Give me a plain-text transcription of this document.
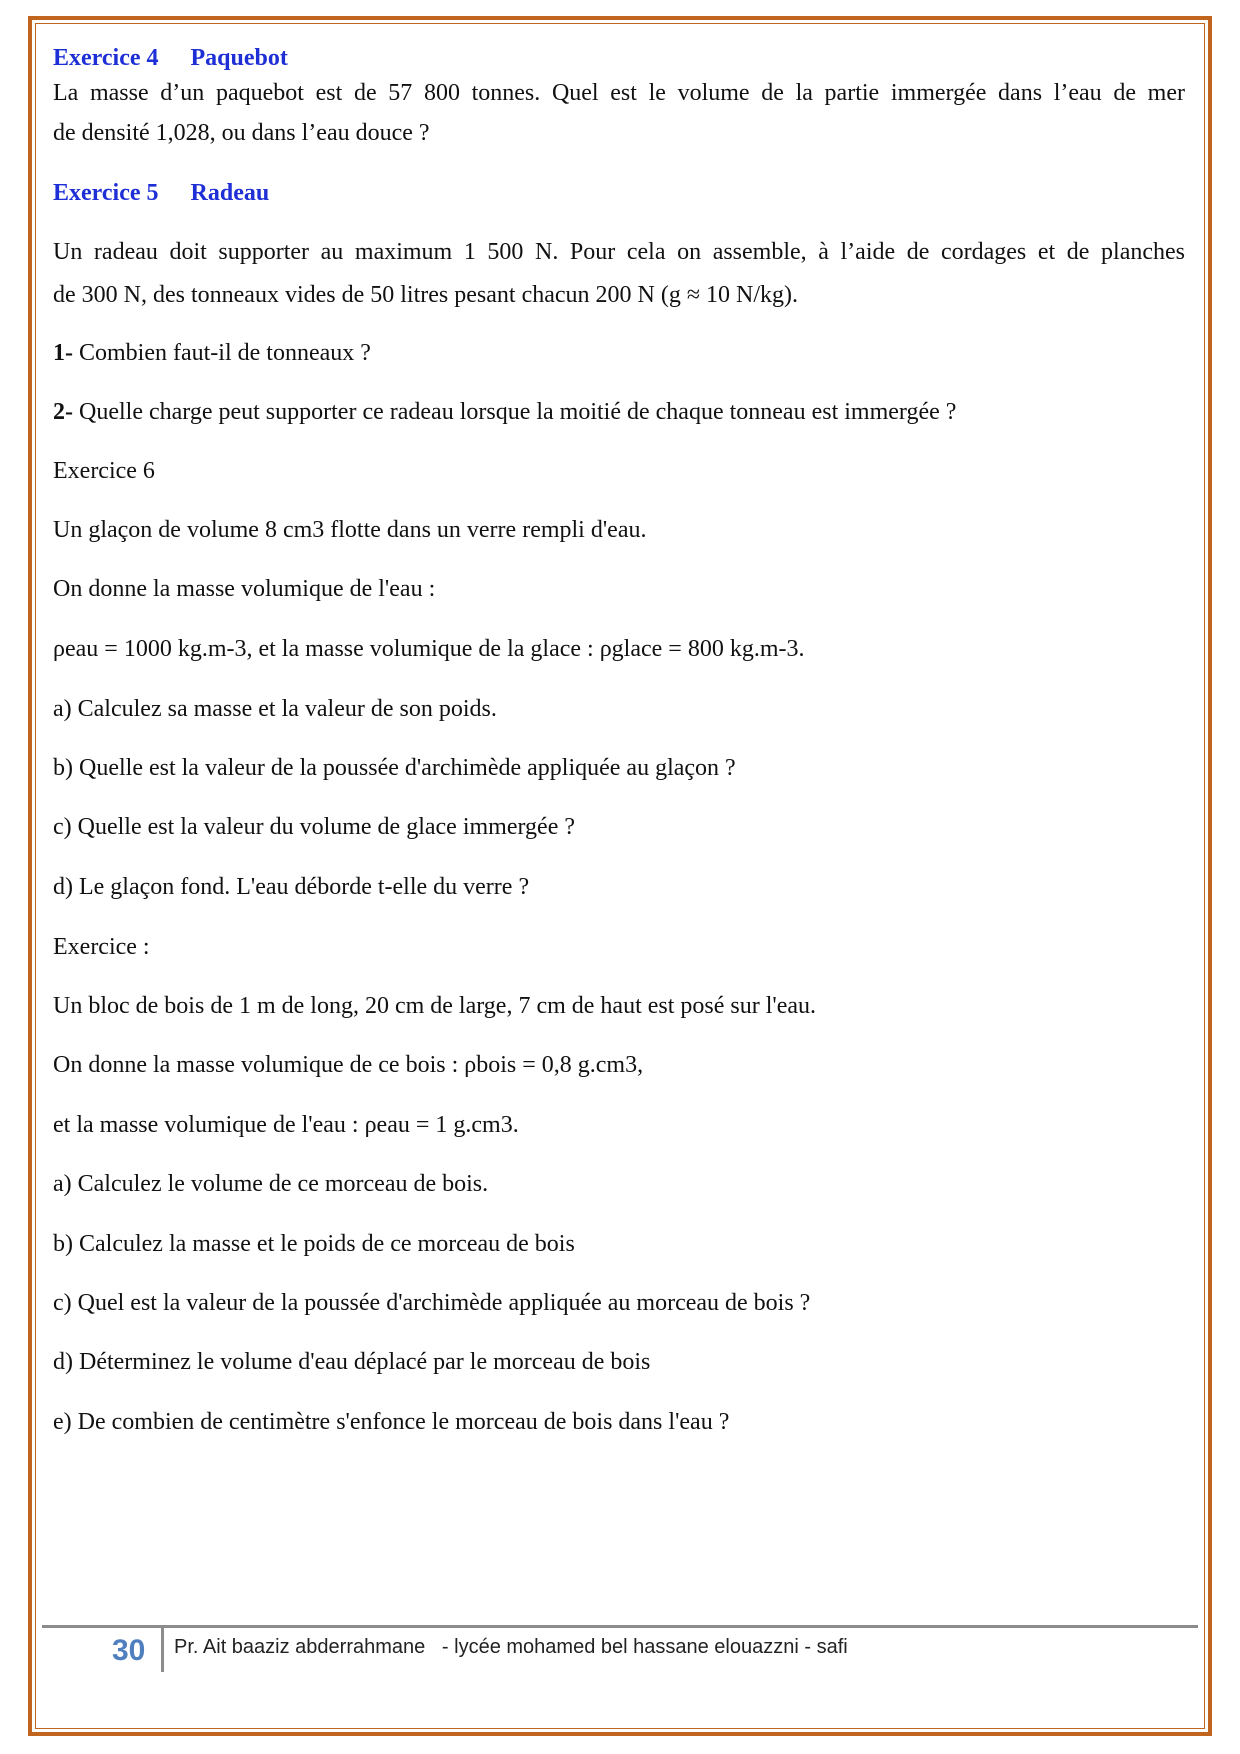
Exercice 4 Paquebot
La masse d’un paquebot est de 57 800 tonnes. Quel est le volume de la partie immergée dans l’eau de mer
de densité 1,028, ou dans l’eau douce ?
Exercice 5 Radeau
Un radeau doit supporter au maximum 1 500 N. Pour cela on assemble, à l’aide de cordages et de planches
de 300 N, des tonneaux vides de 50 litres pesant chacun 200 N (g ≈ 10 N/kg).
1- Combien faut-il de tonneaux ?
2- Quelle charge peut supporter ce radeau lorsque la moitié de chaque tonneau est immergée ?
Exercice 6
Un glaçon de volume 8 cm3 flotte dans un verre rempli d'eau.
On donne la masse volumique de l'eau :
ρeau = 1000 kg.m-3, et la masse volumique de la glace : ρglace = 800 kg.m-3.
a) Calculez sa masse et la valeur de son poids.
b) Quelle est la valeur de la poussée d'archimède appliquée au glaçon ?
c) Quelle est la valeur du volume de glace immergée ?
d) Le glaçon fond. L'eau déborde t-elle du verre ?
Exercice :
Un bloc de bois de 1 m de long, 20 cm de large, 7 cm de haut est posé sur l'eau.
On donne la masse volumique de ce bois : ρbois = 0,8 g.cm3,
et la masse volumique de l'eau : ρeau = 1 g.cm3.
a) Calculez le volume de ce morceau de bois.
b) Calculez la masse et le poids de ce morceau de bois
c) Quel est la valeur de la poussée d'archimède appliquée au morceau de bois ?
d) Déterminez le volume d'eau déplacé par le morceau de bois
e) De combien de centimètre s'enfonce le morceau de bois dans l'eau ?
30 Pr. Ait baaziz abderrahmane   - lycée mohamed bel hassane elouazzni - safi
